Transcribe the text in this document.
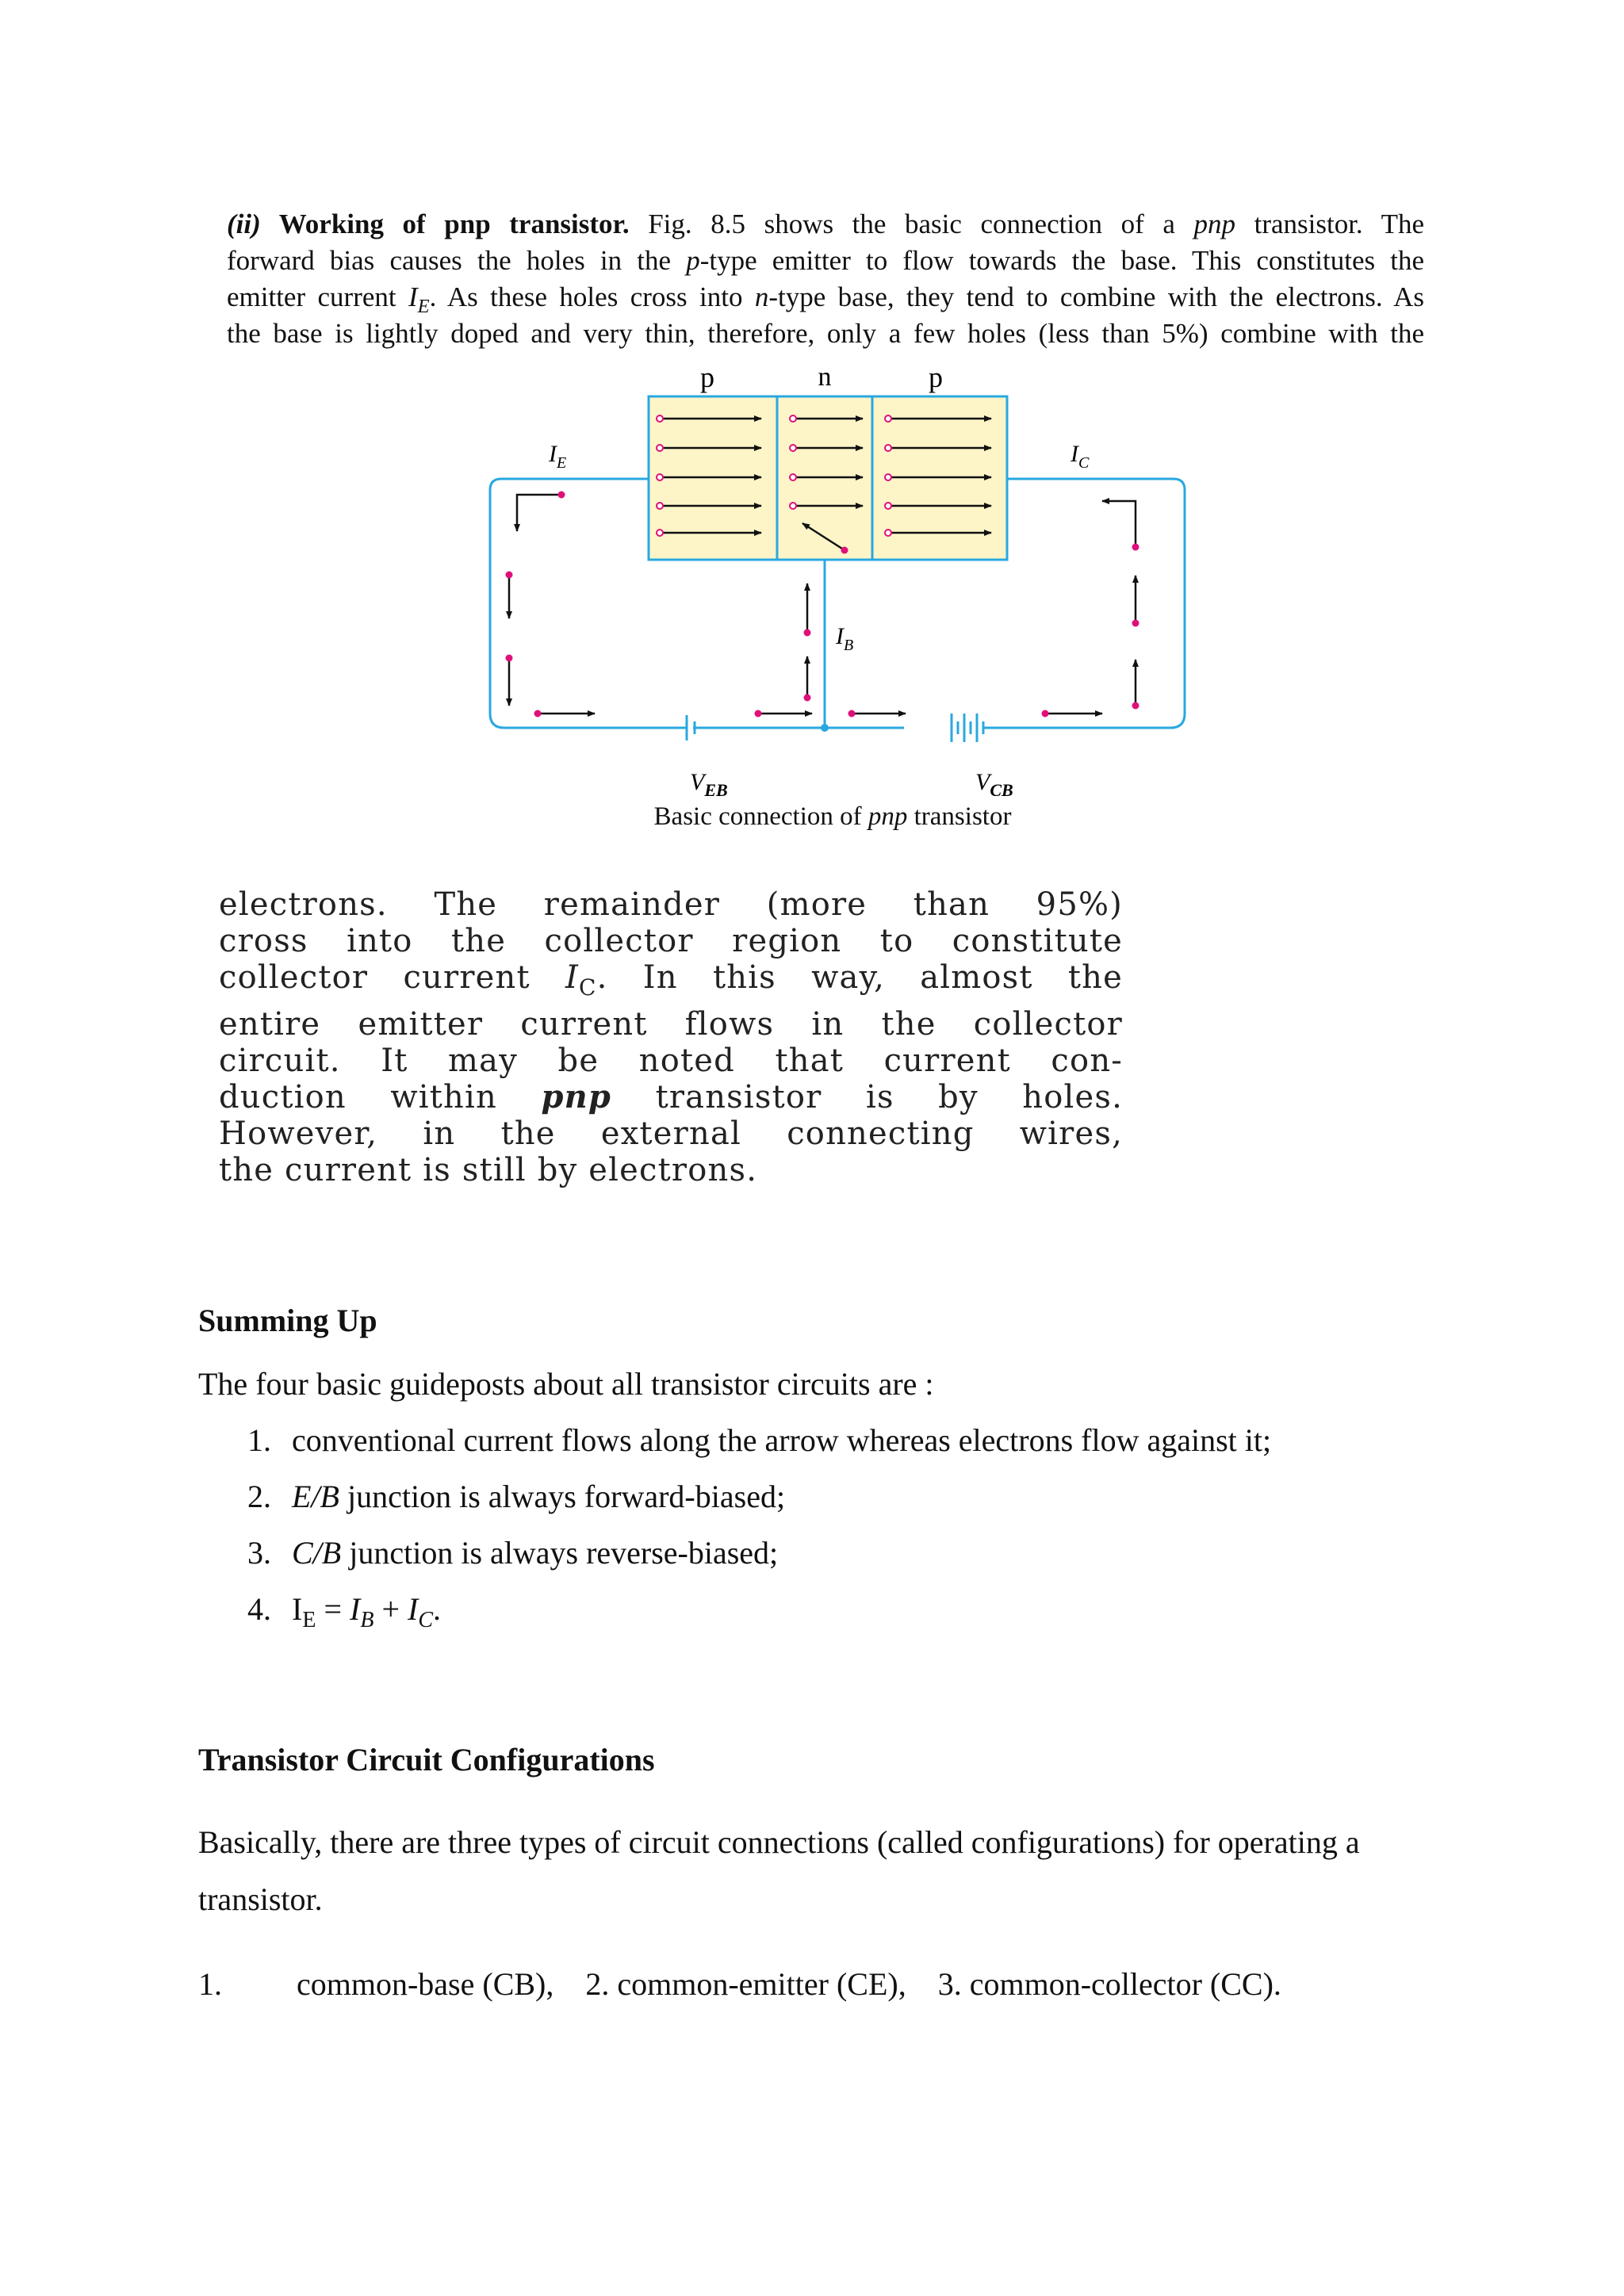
(ii) Working of pnp transistor. Fig. 8.5 shows the basic connection of a pnp transistor. The
forward bias causes the holes in the p-type emitter to flow towards the base. This constitutes the
emitter current $I_E$. As these holes cross into n-type base, they tend to combine with the electrons. As
the base is lightly doped and very thin, therefore, only a few holes (less than 5%) combine with the
p	n	p
$I_E$	$I_C$
$I_B$
$V_{EB}$	$V_{CB}$
Basic connection of pnp transistor
electrons. The remainder (more than 95%)
cross into the collector region to constitute
collector current $I_C$. In this way, almost the
entire emitter current flows in the collector
circuit. It may be noted that current con-
duction within pnp transistor is by holes.
However, in the external connecting wires,
the current is still by electrons.
Summing Up
The four basic guideposts about all transistor circuits are :
1. conventional current flows along the arrow whereas electrons flow against it;
2. E/B junction is always forward-biased;
3. C/B junction is always reverse-biased;
4. $I_E = I_B + I_C$.
Transistor Circuit Configurations
Basically, there are three types of circuit connections (called configurations) for operating a
transistor.
1. common-base (CB),    2. common-emitter (CE),    3. common-collector (CC).
